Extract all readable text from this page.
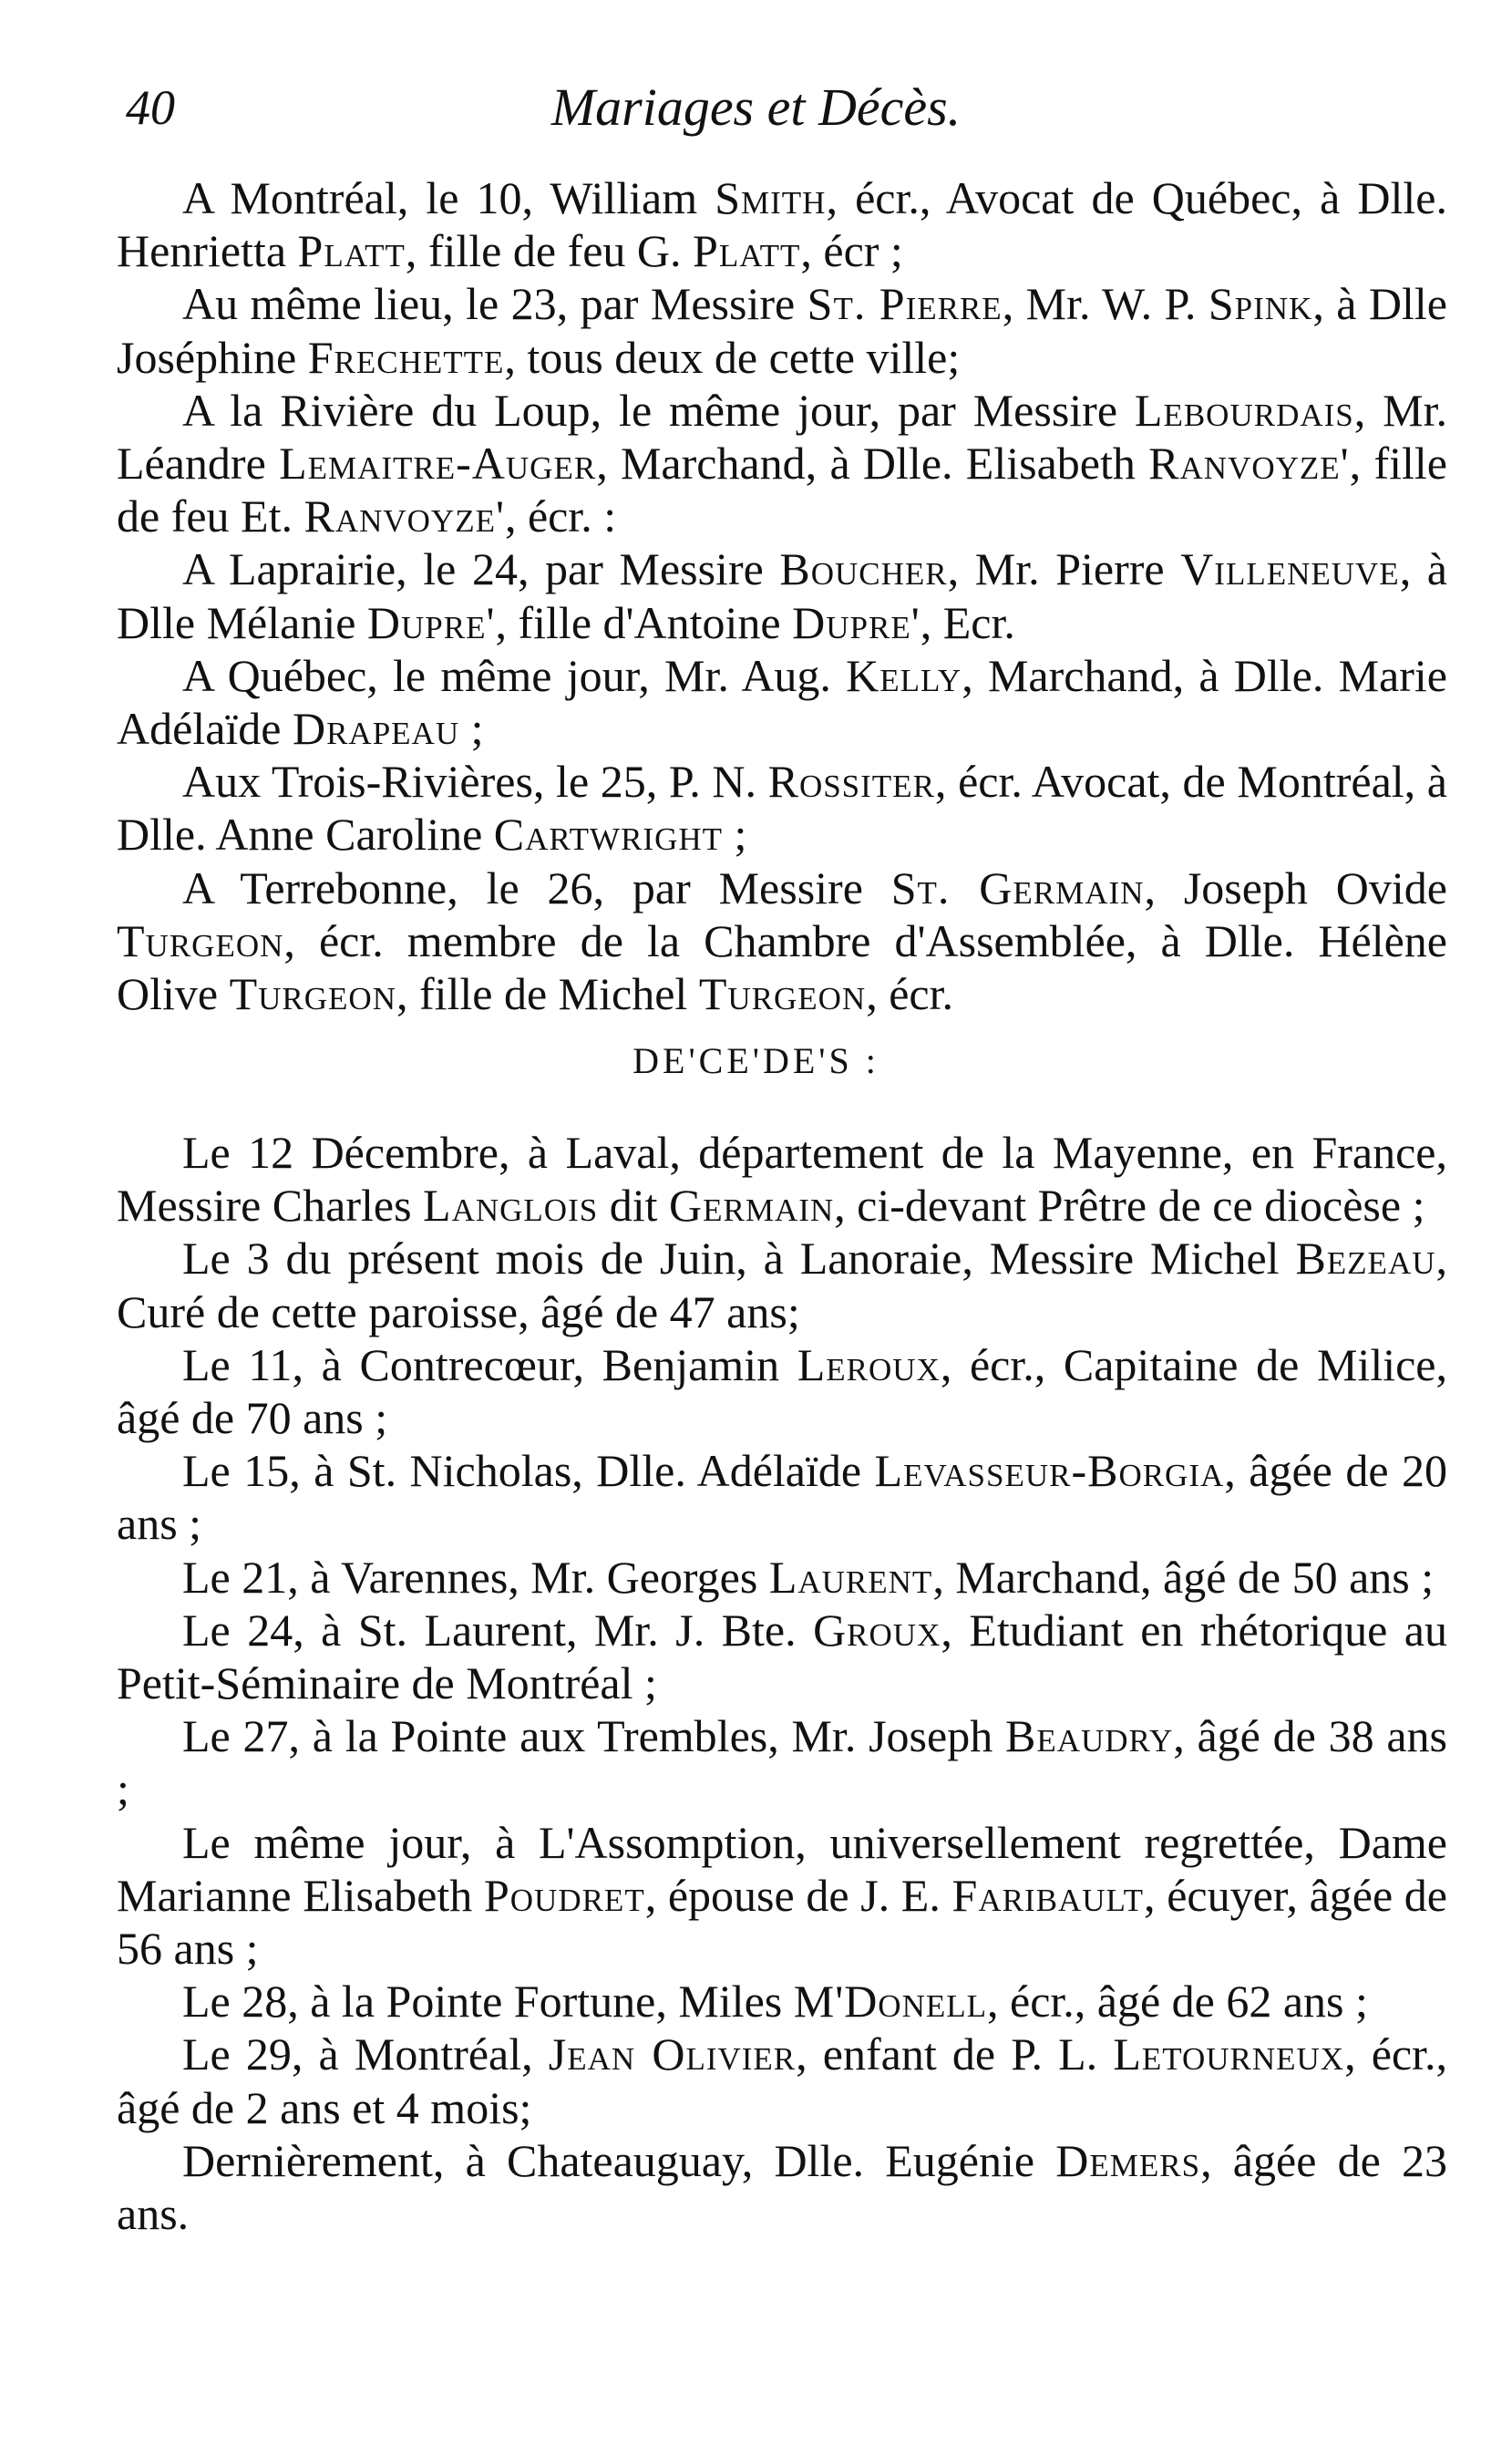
40	Mariages et Décès.

A Montréal, le 10, William Smith, écr., Avocat de Québec, à Dlle. Henrietta Platt, fille de feu G. Platt, écr ;

Au même lieu, le 23, par Messire St. Pierre, Mr. W. P. Spink, à Dlle Joséphine Frechette, tous deux de cette ville;

A la Rivière du Loup, le même jour, par Messire Lebourdais, Mr. Léandre Lemaitre-Auger, Marchand, à Dlle. Elisabeth Ranvoyze', fille de feu Et. Ranvoyze', écr. :

A Laprairie, le 24, par Messire Boucher, Mr. Pierre Villeneuve, à Dlle Mélanie Dupre', fille d'Antoine Dupre', Ecr.

A Québec, le même jour, Mr. Aug. Kelly, Marchand, à Dlle. Marie Adélaïde Drapeau ;

Aux Trois-Rivières, le 25, P. N. Rossiter, écr. Avocat, de Montréal, à Dlle. Anne Caroline Cartwright ;

A Terrebonne, le 26, par Messire St. Germain, Joseph Ovide Turgeon, écr. membre de la Chambre d'Assemblée, à Dlle. Hélène Olive Turgeon, fille de Michel Turgeon, écr.

DE'CE'DE'S :

Le 12 Décembre, à Laval, département de la Mayenne, en France, Messire Charles Langlois dit Germain, ci-devant Prêtre de ce diocèse ;

Le 3 du présent mois de Juin, à Lanoraie, Messire Michel Bezeau, Curé de cette paroisse, âgé de 47 ans;

Le 11, à Contrecœur, Benjamin Leroux, écr., Capitaine de Milice, âgé de 70 ans ;

Le 15, à St. Nicholas, Dlle. Adélaïde Levasseur-Borgia, âgée de 20 ans ;

Le 21, à Varennes, Mr. Georges Laurent, Marchand, âgé de 50 ans ;

Le 24, à St. Laurent, Mr. J. Bte. Groux, Etudiant en rhétorique au Petit-Séminaire de Montréal ;

Le 27, à la Pointe aux Trembles, Mr. Joseph Beaudry, âgé de 38 ans ;

Le même jour, à L'Assomption, universellement regrettée, Dame Marianne Elisabeth Poudret, épouse de J. E. Faribault, écuyer, âgée de 56 ans ;

Le 28, à la Pointe Fortune, Miles M'Donell, écr., âgé de 62 ans ;

Le 29, à Montréal, Jean Olivier, enfant de P. L. Letourneux, écr., âgé de 2 ans et 4 mois;

Dernièrement, à Chateauguay, Dlle. Eugénie Demers, âgée de 23 ans.
